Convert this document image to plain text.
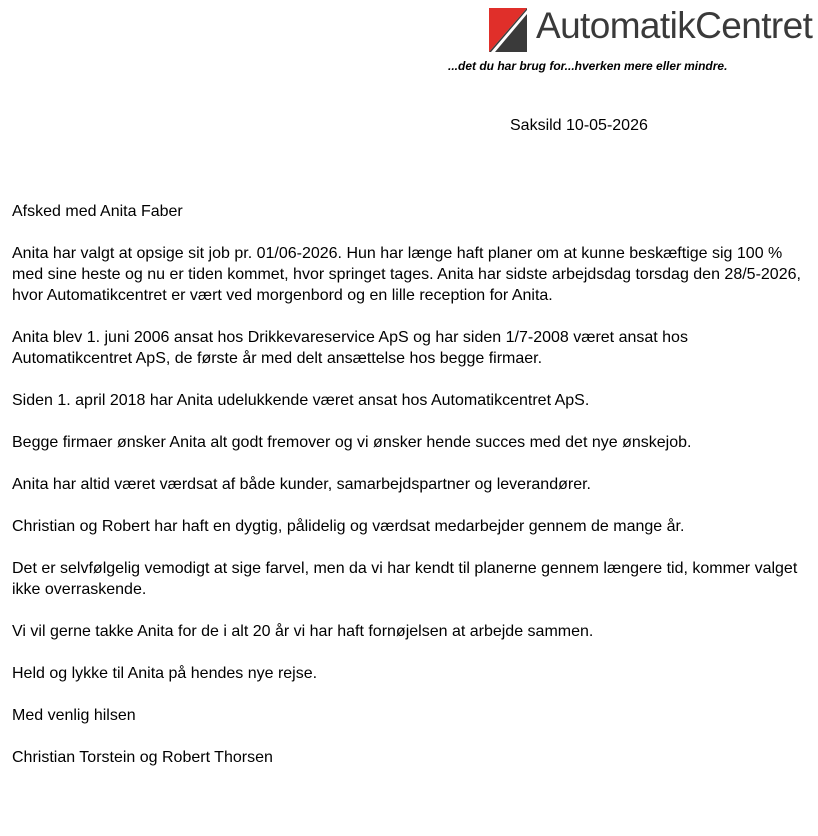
AutomatikCentret
...det du har brug for...hverken mere eller mindre.
Saksild 10-05-2026

Afsked med Anita Faber

Anita har valgt at opsige sit job pr. 01/06-2026. Hun har længe haft planer om at kunne beskæftige sig 100 % med sine heste og nu er tiden kommet, hvor springet tages. Anita har sidste arbejdsdag torsdag den 28/5-2026, hvor Automatikcentret er vært ved morgenbord og en lille reception for Anita.

Anita blev 1. juni 2006 ansat hos Drikkevareservice ApS og har siden 1/7-2008 været ansat hos Automatikcentret ApS, de første år med delt ansættelse hos begge firmaer.

Siden 1. april 2018 har Anita udelukkende været ansat hos Automatikcentret ApS.

Begge firmaer ønsker Anita alt godt fremover og vi ønsker hende succes med det nye ønskejob.

Anita har altid været værdsat af både kunder, samarbejdspartner og leverandører.

Christian og Robert har haft en dygtig, pålidelig og værdsat medarbejder gennem de mange år.

Det er selvfølgelig vemodigt at sige farvel, men da vi har kendt til planerne gennem længere tid, kommer valget ikke overraskende.

Vi vil gerne takke Anita for de i alt 20 år vi har haft fornøjelsen at arbejde sammen.

Held og lykke til Anita på hendes nye rejse.

Med venlig hilsen

Christian Torstein og Robert Thorsen
